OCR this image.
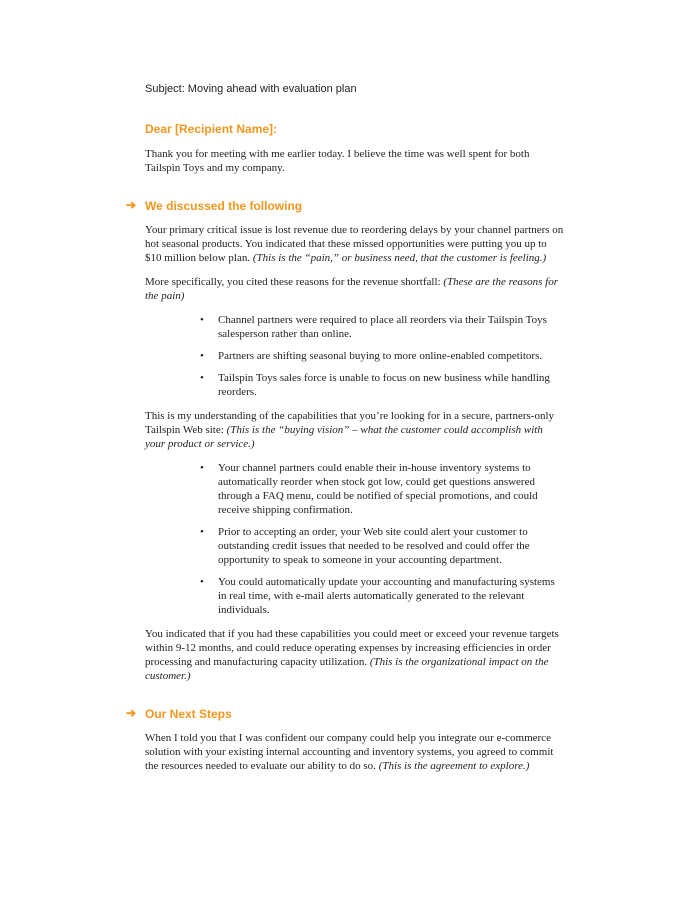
Subject: Moving ahead with evaluation plan

Dear [Recipient Name]:

Thank you for meeting with me earlier today. I believe the time was well spent for both Tailspin Toys and my company.

➔ We discussed the following

Your primary critical issue is lost revenue due to reordering delays by your channel partners on hot seasonal products. You indicated that these missed opportunities were putting you up to $10 million below plan. (This is the “pain,” or business need, that the customer is feeling.)

More specifically, you cited these reasons for the revenue shortfall: (These are the reasons for the pain)

•	Channel partners were required to place all reorders via their Tailspin Toys salesperson rather than online.
•	Partners are shifting seasonal buying to more online-enabled competitors.
•	Tailspin Toys sales force is unable to focus on new business while handling reorders.

This is my understanding of the capabilities that you’re looking for in a secure, partners-only Tailspin Web site: (This is the “buying vision” – what the customer could accomplish with your product or service.)

•	Your channel partners could enable their in-house inventory systems to automatically reorder when stock got low, could get questions answered through a FAQ menu, could be notified of special promotions, and could receive shipping confirmation.
•	Prior to accepting an order, your Web site could alert your customer to outstanding credit issues that needed to be resolved and could offer the opportunity to speak to someone in your accounting department.
•	You could automatically update your accounting and manufacturing systems in real time, with e-mail alerts automatically generated to the relevant individuals.

You indicated that if you had these capabilities you could meet or exceed your revenue targets within 9-12 months, and could reduce operating expenses by increasing efficiencies in order processing and manufacturing capacity utilization. (This is the organizational impact on the customer.)

➔ Our Next Steps

When I told you that I was confident our company could help you integrate our e-commerce solution with your existing internal accounting and inventory systems, you agreed to commit the resources needed to evaluate our ability to do so. (This is the agreement to explore.)
